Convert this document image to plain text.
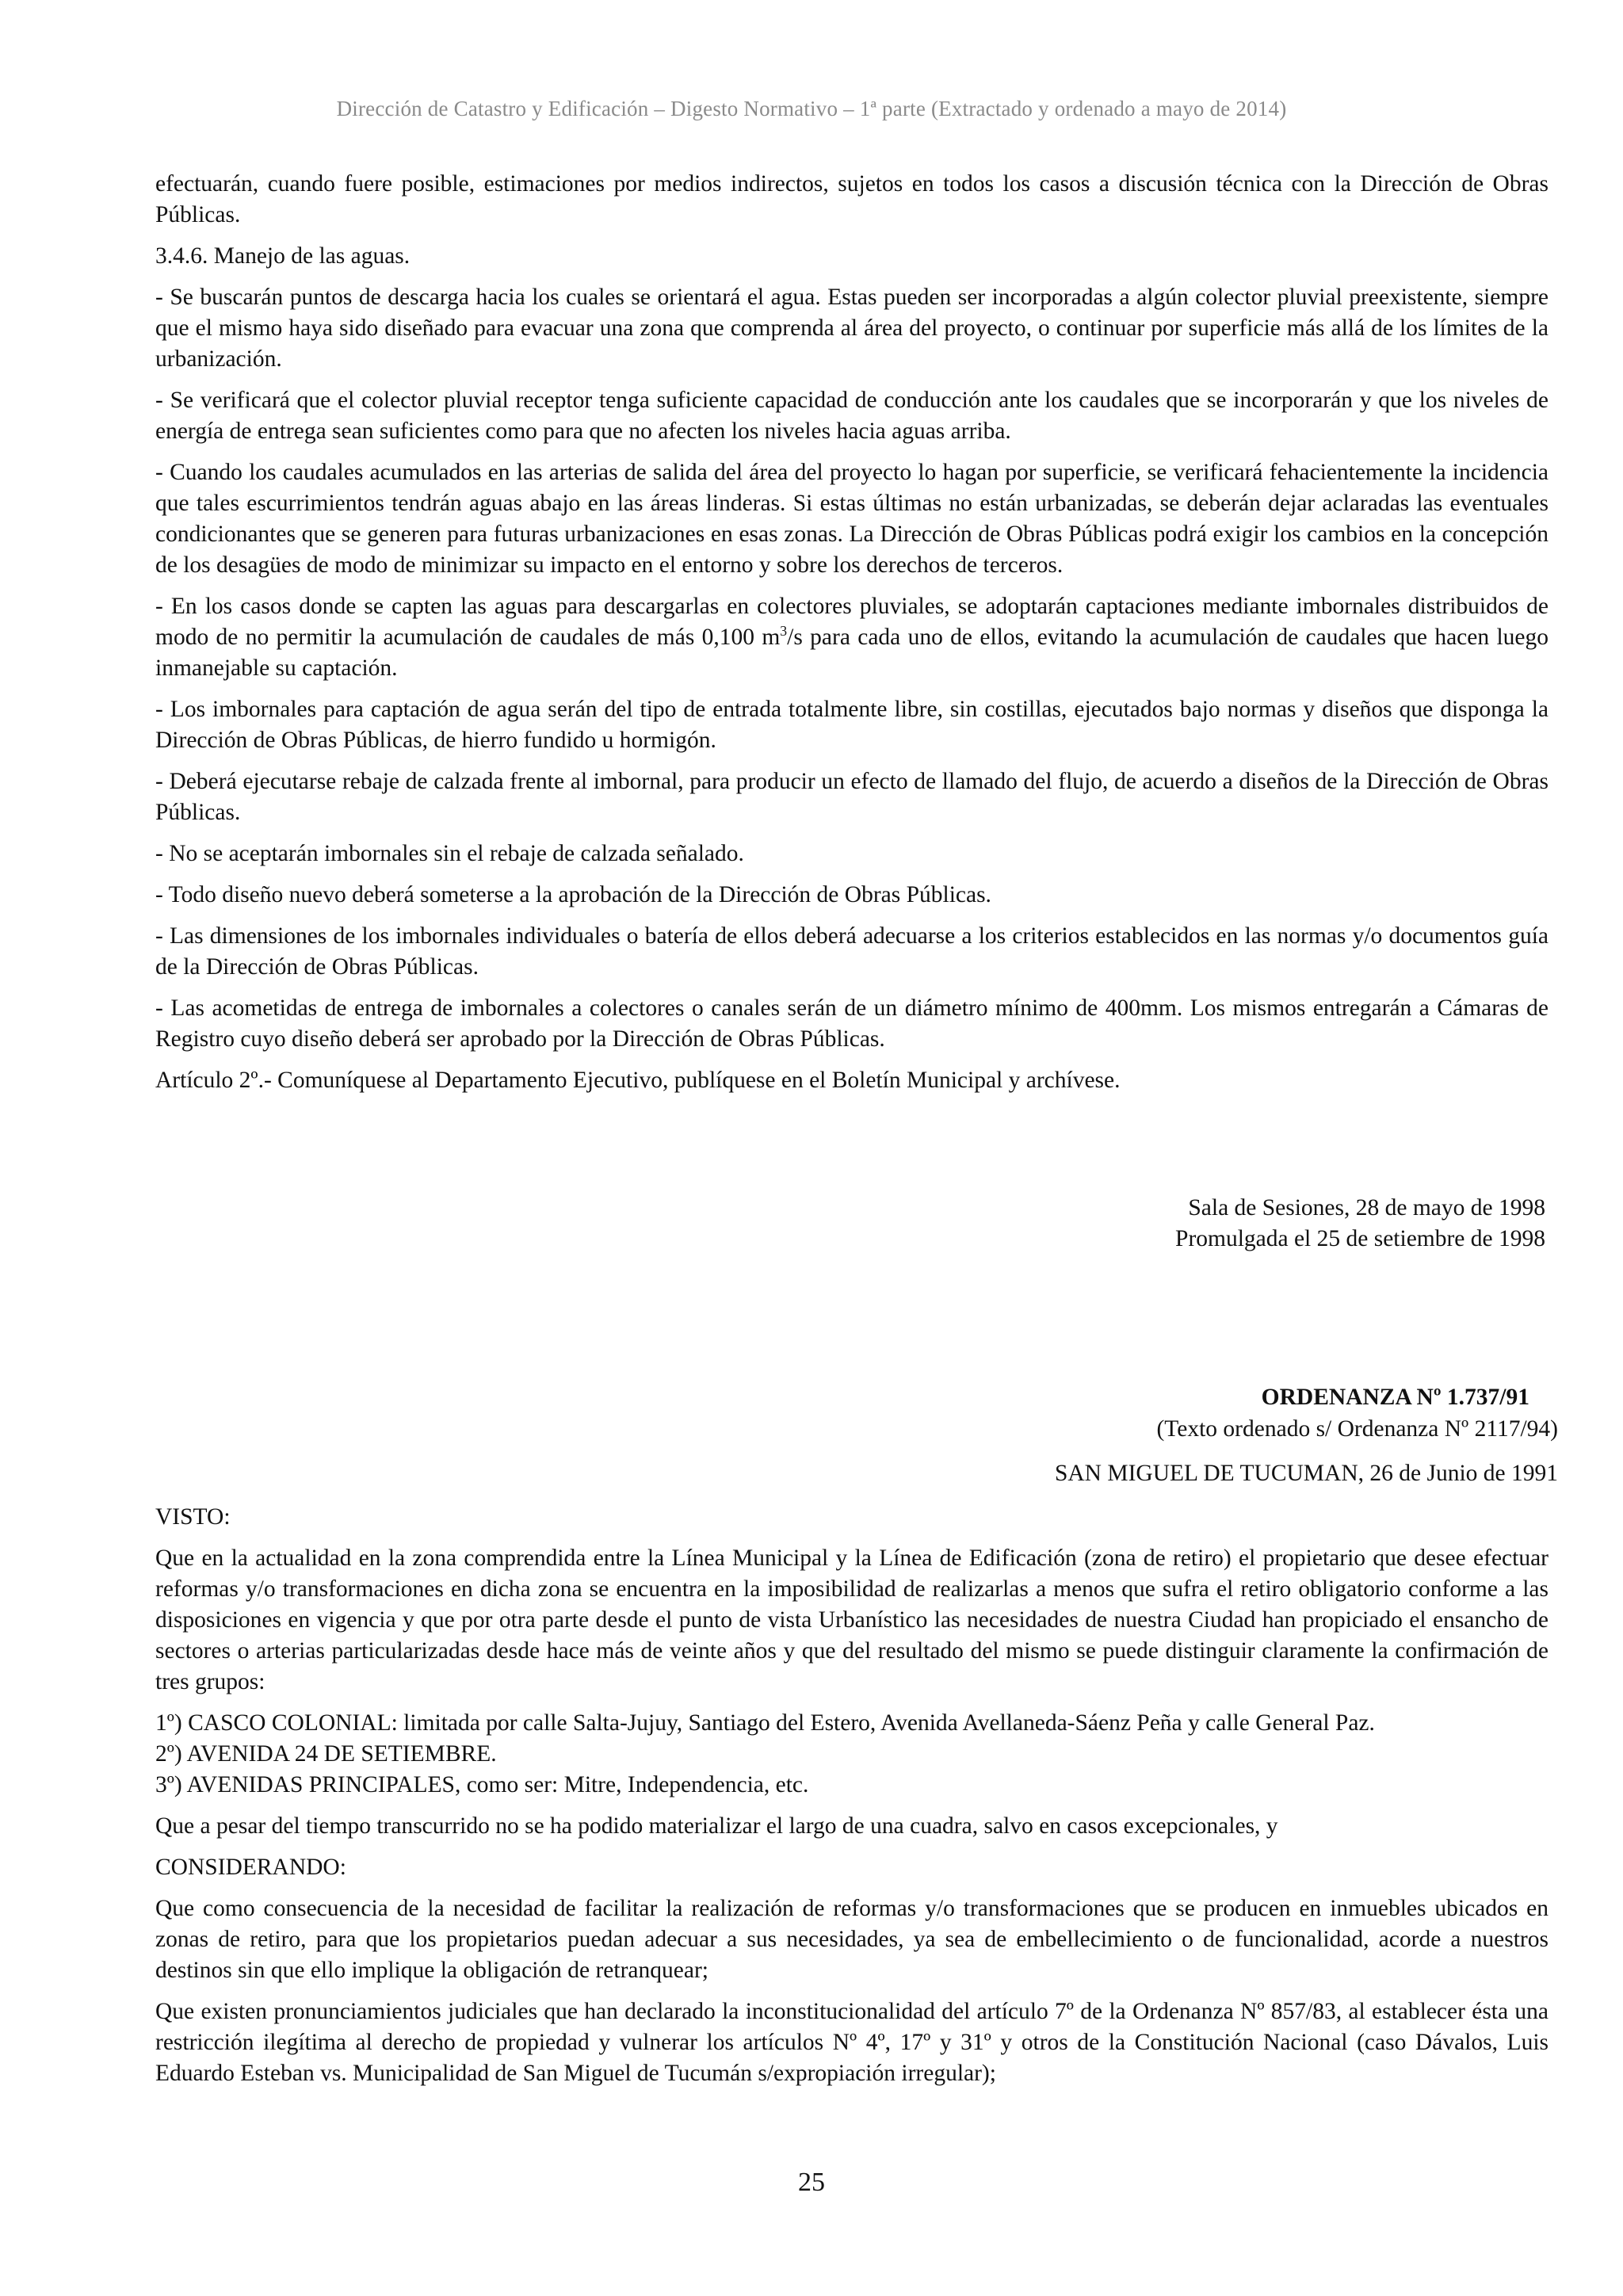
Dirección de Catastro y Edificación – Digesto Normativo – 1ª parte (Extractado y ordenado a mayo de 2014)

efectuarán, cuando fuere posible, estimaciones por medios indirectos, sujetos en todos los casos a discusión técnica con la Dirección de Obras Públicas.

3.4.6. Manejo de las aguas.

- Se buscarán puntos de descarga hacia los cuales se orientará el agua. Estas pueden ser incorporadas a algún colector pluvial preexistente, siempre que el mismo haya sido diseñado para evacuar una zona que comprenda al área del proyecto, o continuar por superficie más allá de los límites de la urbanización.

- Se verificará que el colector pluvial receptor tenga suficiente capacidad de conducción ante los caudales que se incorporarán y que los niveles de energía de entrega sean suficientes como para que no afecten los niveles hacia aguas arriba.

- Cuando los caudales acumulados en las arterias de salida del área del proyecto lo hagan por superficie, se verificará fehacientemente la incidencia que tales escurrimientos tendrán aguas abajo en las áreas linderas. Si estas últimas no están urbanizadas, se deberán dejar aclaradas las eventuales condicionantes que se generen para futuras urbanizaciones en esas zonas. La Dirección de Obras Públicas podrá exigir los cambios en la concepción de los desagües de modo de minimizar su impacto en el entorno y sobre los derechos de terceros.

- En los casos donde se capten las aguas para descargarlas en colectores pluviales, se adoptarán captaciones mediante imbornales distribuidos de modo de no permitir la acumulación de caudales de más 0,100 $m^3/s$ para cada uno de ellos, evitando la acumulación de caudales que hacen luego inmanejable su captación.

- Los imbornales para captación de agua serán del tipo de entrada totalmente libre, sin costillas, ejecutados bajo normas y diseños que disponga la Dirección de Obras Públicas, de hierro fundido u hormigón.

- Deberá ejecutarse rebaje de calzada frente al imbornal, para producir un efecto de llamado del flujo, de acuerdo a diseños de la Dirección de Obras Públicas.

- No se aceptarán imbornales sin el rebaje de calzada señalado.

- Todo diseño nuevo deberá someterse a la aprobación de la Dirección de Obras Públicas.

- Las dimensiones de los imbornales individuales o batería de ellos deberá adecuarse a los criterios establecidos en las normas y/o documentos guía de la Dirección de Obras Públicas.

- Las acometidas de entrega de imbornales a colectores o canales serán de un diámetro mínimo de 400mm. Los mismos entregarán a Cámaras de Registro cuyo diseño deberá ser aprobado por la Dirección de Obras Públicas.

Artículo 2º.- Comuníquese al Departamento Ejecutivo, publíquese en el Boletín Municipal y archívese.

Sala de Sesiones, 28 de mayo de 1998

Promulgada el 25 de setiembre de 1998

ORDENANZA Nº 1.737/91

(Texto ordenado s/ Ordenanza Nº 2117/94)

SAN MIGUEL DE TUCUMAN, 26 de Junio de 1991

VISTO:

Que en la actualidad en la zona comprendida entre la Línea Municipal y la Línea de Edificación (zona de retiro) el propietario que desee efectuar reformas y/o transformaciones en dicha zona se encuentra en la imposibilidad de realizarlas a menos que sufra el retiro obligatorio conforme a las disposiciones en vigencia y que por otra parte desde el punto de vista Urbanístico las necesidades de nuestra Ciudad han propiciado el ensancho de sectores o arterias particularizadas desde hace más de veinte años y que del resultado del mismo se puede distinguir claramente la confirmación de tres grupos:

1º) CASCO COLONIAL: limitada por calle Salta-Jujuy, Santiago del Estero, Avenida Avellaneda-Sáenz Peña y calle General Paz.

2º) AVENIDA 24 DE SETIEMBRE.

3º) AVENIDAS PRINCIPALES, como ser: Mitre, Independencia, etc.

Que a pesar del tiempo transcurrido no se ha podido materializar el largo de una cuadra, salvo en casos excepcionales, y

CONSIDERANDO:

Que como consecuencia de la necesidad de facilitar la realización de reformas y/o transformaciones que se producen en inmuebles ubicados en zonas de retiro, para que los propietarios puedan adecuar a sus necesidades, ya sea de embellecimiento o de funcionalidad, acorde a nuestros destinos sin que ello implique la obligación de retranquear;

Que existen pronunciamientos judiciales que han declarado la inconstitucionalidad del artículo 7º de la Ordenanza Nº 857/83, al establecer ésta una restricción ilegítima al derecho de propiedad y vulnerar los artículos Nº 4º, 17º y 31º y otros de la Constitución Nacional (caso Dávalos, Luis Eduardo Esteban vs. Municipalidad de San Miguel de Tucumán s/expropiación irregular);

25
